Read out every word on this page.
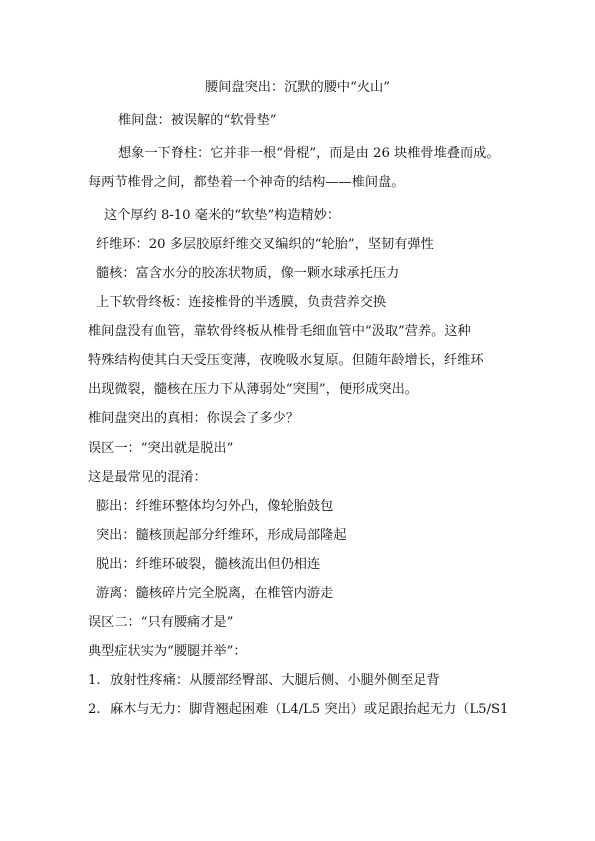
腰间盘突出：沉默的腰中“火山”
椎间盘：被误解的“软骨垫”
想象一下脊柱：它并非一根“骨棍”，而是由 26 块椎骨堆叠而成。
每两节椎骨之间，都垫着一个神奇的结构——椎间盘。
这个厚约 8-10 毫米的“软垫”构造精妙：
纤维环：20 多层胶原纤维交叉编织的“轮胎”，坚韧有弹性
髓核：富含水分的胶冻状物质，像一颗水球承托压力
上下软骨终板：连接椎骨的半透膜，负责营养交换
椎间盘没有血管，靠软骨终板从椎骨毛细血管中“汲取”营养。这种
特殊结构使其白天受压变薄，夜晚吸水复原。但随年龄增长，纤维环
出现微裂，髓核在压力下从薄弱处“突围”，便形成突出。
椎间盘突出的真相：你误会了多少？
误区一：“突出就是脱出”
这是最常见的混淆：
膨出：纤维环整体均匀外凸，像轮胎鼓包
突出：髓核顶起部分纤维环，形成局部隆起
脱出：纤维环破裂，髓核流出但仍相连
游离：髓核碎片完全脱离，在椎管内游走
误区二：“只有腰痛才是”
典型症状实为“腰腿并举”：
1. 放射性疼痛：从腰部经臀部、大腿后侧、小腿外侧至足背
2. 麻木与无力：脚背翘起困难（L4/L5 突出）或足跟抬起无力（L5/S1
